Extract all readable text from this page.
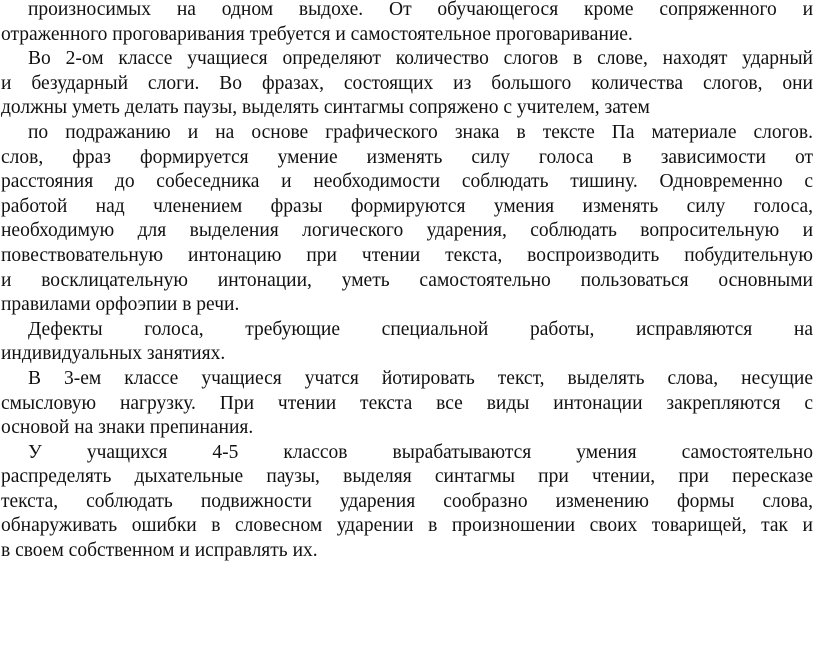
произносимых на одном выдохе. От обучающегося кроме сопряженного и
отраженного проговаривания требуется и самостоятельное проговаривание.
Во 2-ом классе учащиеся определяют количество слогов в слове, находят ударный
и безударный слоги. Во фразах, состоящих из большого количества слогов, они
должны уметь делать паузы, выделять синтагмы сопряжено с учителем, затем
по подражанию и на основе графического знака в тексте Па материале слогов.
слов, фраз формируется умение изменять силу голоса в зависимости от
расстояния до собеседника и необходимости соблюдать тишину. Одновременно с
работой над членением фразы формируются умения изменять силу голоса,
необходимую для выделения логического ударения, соблюдать вопросительную и
повествовательную интонацию при чтении текста, воспроизводить побудительную
и восклицательную интонации, уметь самостоятельно пользоваться основными
правилами орфоэпии в речи.
Дефекты голоса, требующие специальной работы, исправляются на
индивидуальных занятиях.
В 3-ем классе учащиеся учатся йотировать текст, выделять слова, несущие
смысловую нагрузку. При чтении текста все виды интонации закрепляются с
основой на знаки препинания.
У учащихся 4-5 классов вырабатываются умения самостоятельно
распределять дыхательные паузы, выделяя синтагмы при чтении, при пересказе
текста, соблюдать подвижности ударения сообразно изменению формы слова,
обнаруживать ошибки в словесном ударении в произношении своих товарищей, так и
в своем собственном и исправлять их.
